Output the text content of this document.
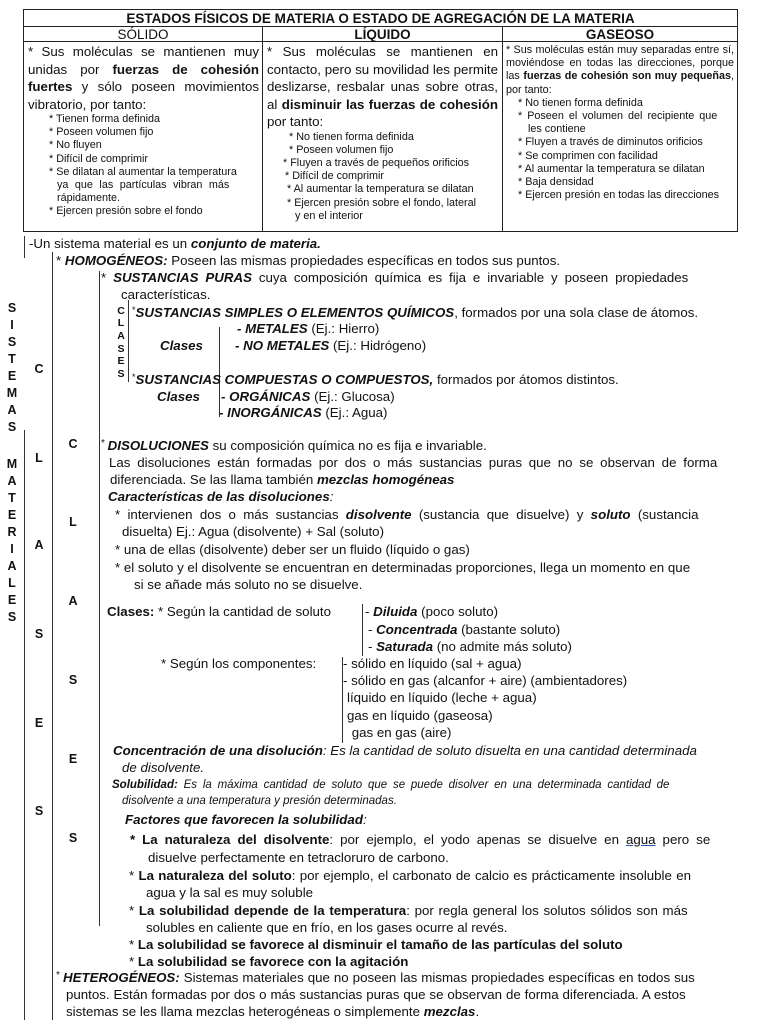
ESTADOS FÍSICOS DE MATERIA O ESTADO DE AGREGACIÓN DE LA MATERIA
SÓLIDO	LÍQUIDO	GASEOSO

* Sus moléculas se mantienen muy unidas por fuerzas de cohesión fuertes y sólo poseen movimientos vibratorio, por tanto:

* Tienen forma definida
* Poseen volumen fijo
* No fluyen
* Difícil de comprimir
* Se dilatan al aumentar la temperatura
ya que las partículas vibran más
rápidamente.
* Ejercen presión sobre el fondo

* Sus moléculas se mantienen en contacto, pero su movilidad les permite deslizarse, resbalar unas sobre otras, al disminuir las fuerzas de cohesión por tanto:

* No tienen forma definida
* Poseen volumen fijo
* Fluyen a través de pequeños orificios
* Difícil de comprimir
* Al aumentar la temperatura se dilatan
* Ejercen presión sobre el fondo, lateral
y en el interior

* Sus moléculas están muy separadas entre sí, moviéndose en todas las direcciones, porque las fuerzas de cohesión son muy pequeñas, por tanto:

* No tienen forma definida
* Poseen el volumen del recipiente que
les contiene
* Fluyen a través de diminutos orificios
* Se comprimen con facilidad
* Al aumentar la temperatura se dilatan
* Baja densidad
* Ejercen presión en todas las direcciones
S
I
S
T
E
M
A
S
M
A
T
E
R
I
A
L
E
S
C
L
A
S
E
S
C
L
A
S
E
S
C
L
A
S
E
S
-Un sistema material es un conjunto de materia.
* HOMOGÉNEOS: Poseen las mismas propiedades específicas en todos sus puntos.
* SUSTANCIAS PURAS cuya composición química es fija e invariable y poseen propiedades
características.
*SUSTANCIAS SIMPLES O ELEMENTOS QUÍMICOS, formados por una sola clase de átomos.
Clases
- METALES (Ej.: Hierro)
- NO METALES (Ej.: Hidrógeno)
*SUSTANCIAS COMPUESTAS O COMPUESTOS, formados por átomos distintos.
Clases - ORGÁNICAS (Ej.: Glucosa)
- INORGÁNICAS (Ej.: Agua)
* DISOLUCIONES su composición química no es fija e invariable.
Las disoluciones están formadas por dos o más sustancias puras que no se observan de forma
diferenciada. Se las llama también mezclas homogéneas
Características de las disoluciones:
* intervienen dos o más sustancias disolvente (sustancia que disuelve) y soluto (sustancia
disuelta) Ej.: Agua (disolvente) + Sal (soluto)
* una de ellas (disolvente) deber ser un fluido (líquido o gas)
* el soluto y el disolvente se encuentran en determinadas proporciones, llega un momento en que
si se añade más soluto no se disuelve.
Clases: * Según la cantidad de soluto	- Diluida (poco soluto)
- Concentrada (bastante soluto)
- Saturada (no admite más soluto)
* Según los componentes: - sólido en líquido (sal + agua)
- sólido en gas (alcanfor + aire) (ambientadores)
líquido en líquido (leche + agua)
gas en líquido (gaseosa)
gas en gas (aire)
Concentración de una disolución: Es la cantidad de soluto disuelta en una cantidad determinada
de disolvente.
Solubilidad: Es la máxima cantidad de soluto que se puede disolver en una determinada cantidad de
disolvente a una temperatura y presión determinadas.
Factores que favorecen la solubilidad:
* La naturaleza del disolvente: por ejemplo, el yodo apenas se disuelve en agua pero se
disuelve perfectamente en tetracloruro de carbono.
* La naturaleza del soluto: por ejemplo, el carbonato de calcio es prácticamente insoluble en
agua y la sal es muy soluble
* La solubilidad depende de la temperatura: por regla general los solutos sólidos son más
solubles en caliente que en frío, en los gases ocurre al revés.
* La solubilidad se favorece al disminuir el tamaño de las partículas del soluto
* La solubilidad se favorece con la agitación
* HETEROGÉNEOS: Sistemas materiales que no poseen las mismas propiedades específicas en todos sus
puntos. Están formadas por dos o más sustancias puras que se observan de forma diferenciada. A estos
sistemas se les llama mezclas heterogéneas o simplemente mezclas.
